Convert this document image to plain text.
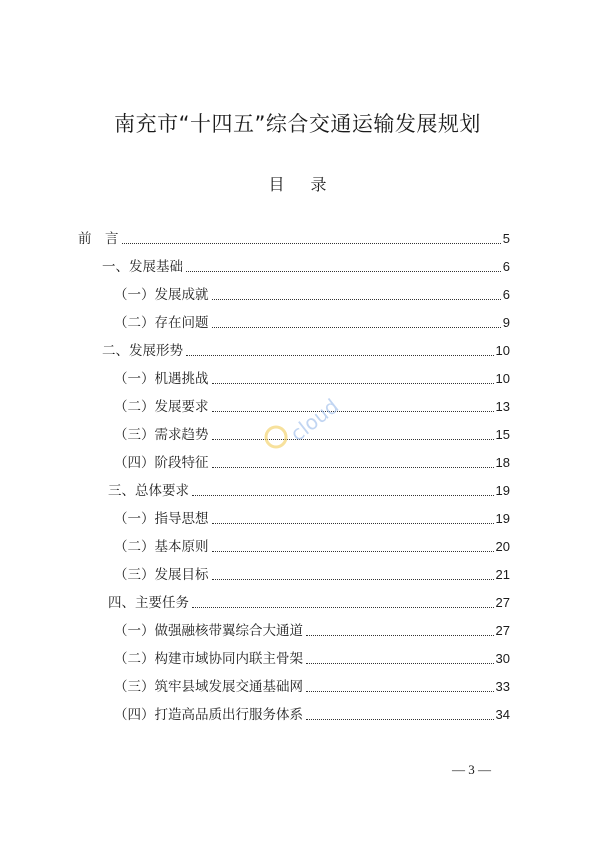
南充市“十四五”综合交通运输发展规划
目 录
前　言	5
一、发展基础	6
（一）发展成就	6
（二）存在问题	9
二、发展形势	10
（一）机遇挑战	10
（二）发展要求	13
（三）需求趋势	15
（四）阶段特征	18
三、总体要求	19
（一）指导思想	19
（二）基本原则	20
（三）发展目标	21
四、主要任务	27
（一）做强融核带翼综合大通道	27
（二）构建市域协同内联主骨架	30
（三）筑牢县域发展交通基础网	33
（四）打造高品质出行服务体系	34
cloud
— 3 —
